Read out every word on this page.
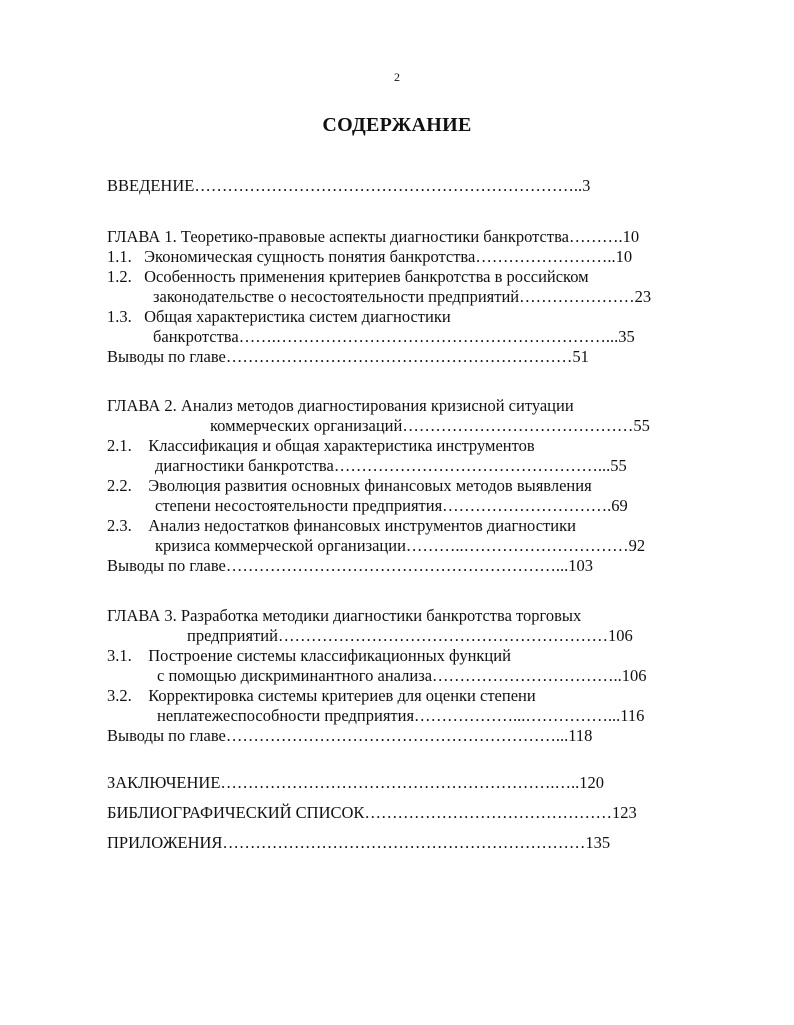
2
СОДЕРЖАНИЕ
ВВЕДЕНИЕ……………………………………………………………..3
ГЛАВА 1. Теоретико-правовые аспекты диагностики банкротства……….10
1.1.   Экономическая сущность понятия банкротства……………………..10
1.2.   Особенность применения критериев банкротства в российском
законодательстве о несостоятельности предприятий…………………23
1.3.   Общая характеристика систем диагностики
банкротства…….……………………………………………………...35
Выводы по главе………………………………………………………51
ГЛАВА 2. Анализ методов диагностирования кризисной ситуации
коммерческих организаций……………………………………55
2.1.    Классификация и общая характеристика инструментов
диагностики банкротства…………………………………………...55
2.2.    Эволюция развития основных финансовых методов выявления
степени несостоятельности предприятия………………………….69
2.3.    Анализ недостатков финансовых инструментов диагностики
кризиса коммерческой организации………..…………………………92
Выводы по главе……………………………………………………...103
ГЛАВА 3. Разработка методики диагностики банкротства торговых
предприятий……………………………………………………106
3.1.    Построение системы классификационных функций
с помощью дискриминантного анализа……………………………..106
3.2.    Корректировка системы критериев для оценки степени
неплатежеспособности предприятия………………...……………...116
Выводы по главе……………………………………………………...118
ЗАКЛЮЧЕНИЕ…………………………………………………….…..120
БИБЛИОГРАФИЧЕСКИЙ СПИСОК………………………………………123
ПРИЛОЖЕНИЯ…………………………………………………………135
